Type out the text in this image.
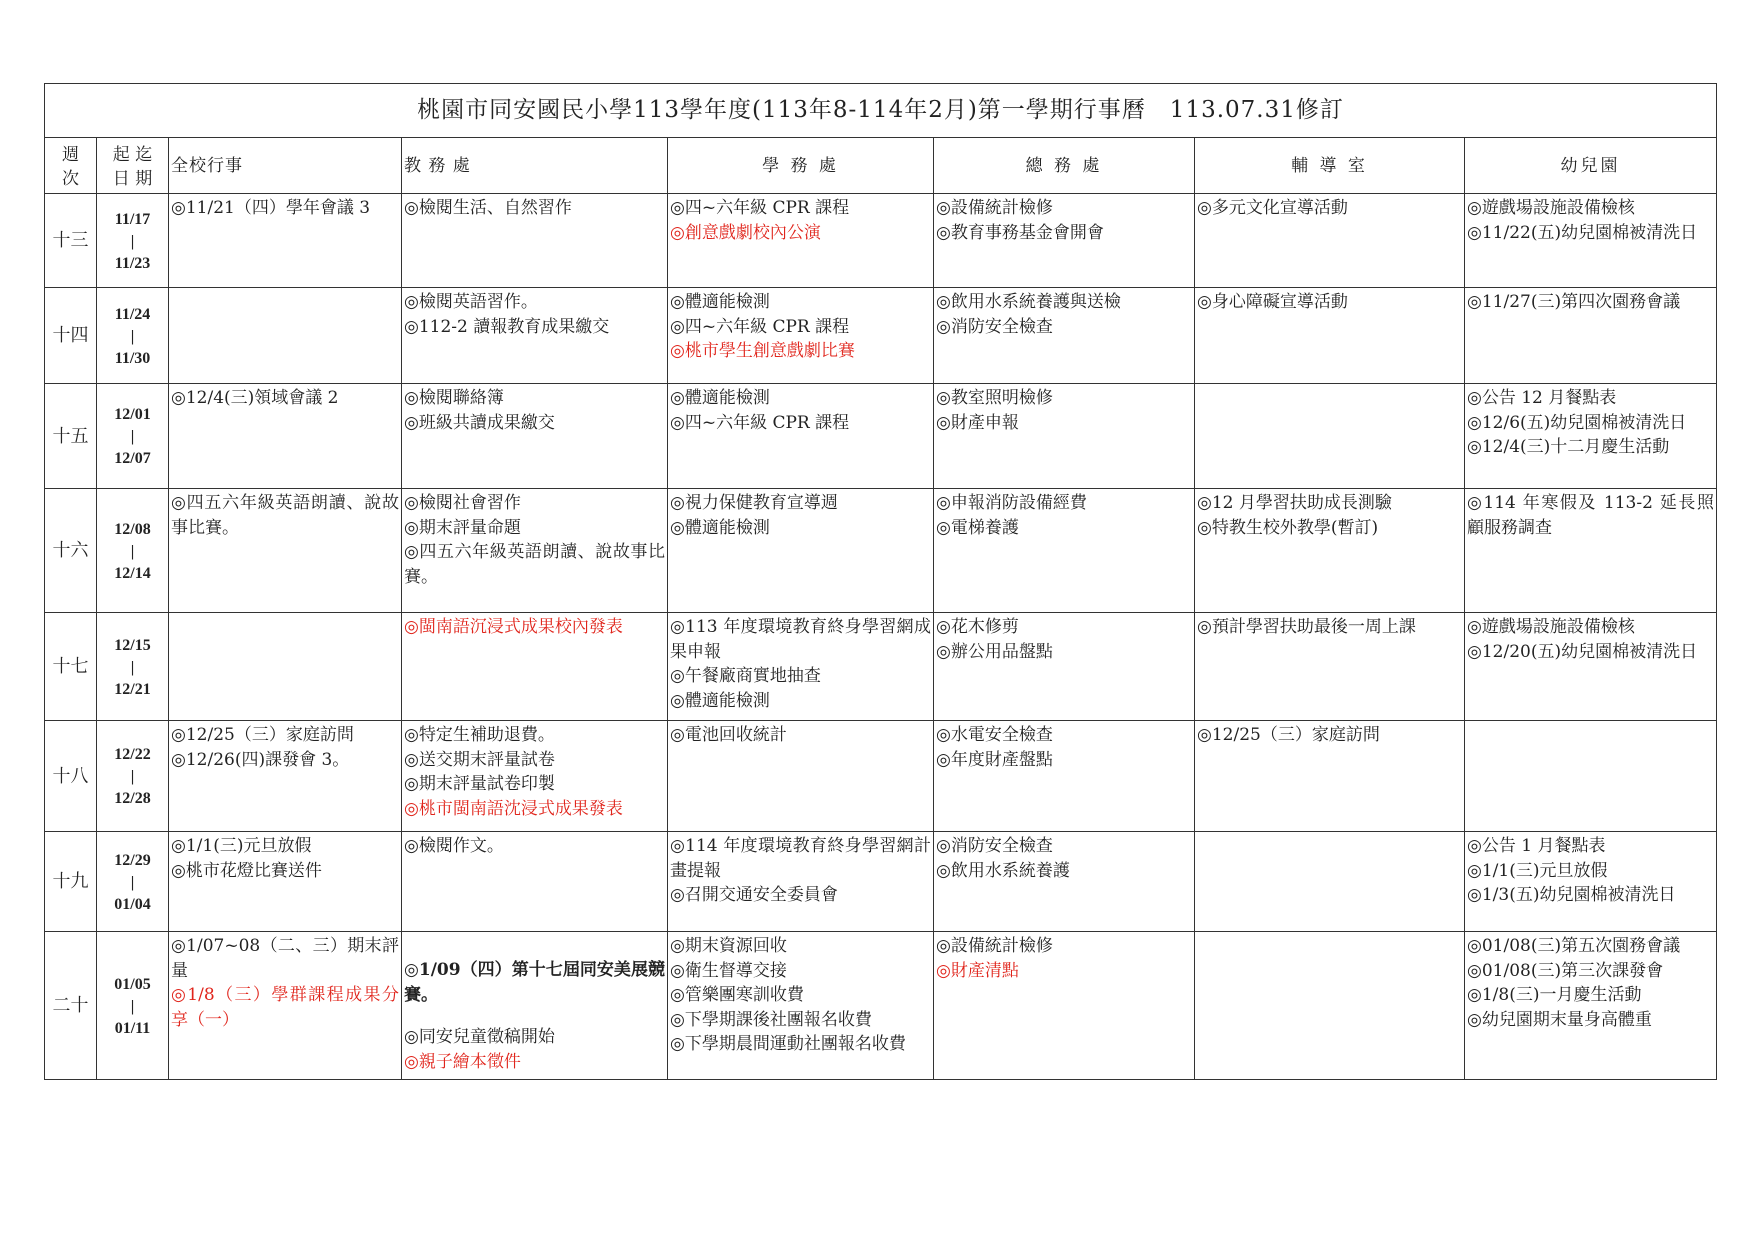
桃園市同安國民小學113學年度(113年8-114年2月)第一學期行事曆　113.07.31修訂							

週
次	起 迄
日 期	全校行事	教 務 處	學 務 處	總 務 處	輔 導 室	幼兒園
十三	11/17
|
11/23	◎11/21（四）學年會議 3	◎檢閱生活、自然習作	◎四~六年級 CPR 課程
◎創意戲劇校內公演	◎設備統計檢修
◎教育事務基金會開會	◎多元文化宣導活動	◎遊戲場設施設備檢核
◎11/22(五)幼兒園棉被清洗日

十四	11/24
|
11/30		◎檢閱英語習作。
◎112-2 讀報教育成果繳交	◎體適能檢測
◎四~六年級 CPR 課程
◎桃市學生創意戲劇比賽	◎飲用水系統養護與送檢
◎消防安全檢查	◎身心障礙宣導活動	◎11/27(三)第四次園務會議

十五	12/01
|
12/07	◎12/4(三)領域會議 2	◎檢閱聯絡簿
◎班級共讀成果繳交	◎體適能檢測
◎四~六年級 CPR 課程	◎教室照明檢修
◎財產申報		◎公告 12 月餐點表
◎12/6(五)幼兒園棉被清洗日
◎12/4(三)十二月慶生活動

十六	12/08
|
12/14	◎四五六年級英語朗讀、說故事比賽。	◎檢閱社會習作
◎期末評量命題
◎四五六年級英語朗讀、說故事比賽。	◎視力保健教育宣導週
◎體適能檢測	◎申報消防設備經費
◎電梯養護	◎12 月學習扶助成長測驗
◎特教生校外教學(暫訂)	◎114 年寒假及 113-2 延長照顧服務調查

十七	12/15
|
12/21		◎閩南語沉浸式成果校內發表	◎113 年度環境教育終身學習網成果申報
◎午餐廠商實地抽查
◎體適能檢測	◎花木修剪
◎辦公用品盤點	◎預計學習扶助最後一周上課	◎遊戲場設施設備檢核
◎12/20(五)幼兒園棉被清洗日

十八	12/22
|
12/28	◎12/25（三）家庭訪問
◎12/26(四)課發會 3。	◎特定生補助退費。
◎送交期末評量試卷
◎期末評量試卷印製
◎桃市閩南語沈浸式成果發表	◎電池回收統計	◎水電安全檢查
◎年度財產盤點	◎12/25（三）家庭訪問	

十九	12/29
|
01/04	◎1/1(三)元旦放假
◎桃市花燈比賽送件	◎檢閱作文。	◎114 年度環境教育終身學習網計畫提報
◎召開交通安全委員會	◎消防安全檢查
◎飲用水系統養護		◎公告 1 月餐點表
◎1/1(三)元旦放假
◎1/3(五)幼兒園棉被清洗日

二十	01/05
|
01/11	◎1/07~08（二、三）期末評量
◎1/8（三）學群課程成果分享（一）	◎1/09（四）第十七屆同安美展競賽。
◎同安兒童徵稿開始
◎親子繪本徵件	◎期末資源回收
◎衛生督導交接
◎管樂團寒訓收費
◎下學期課後社團報名收費
◎下學期晨間運動社團報名收費	◎設備統計檢修
◎財產清點		◎01/08(三)第五次園務會議
◎01/08(三)第三次課發會
◎1/8(三)一月慶生活動
◎幼兒園期末量身高體重
